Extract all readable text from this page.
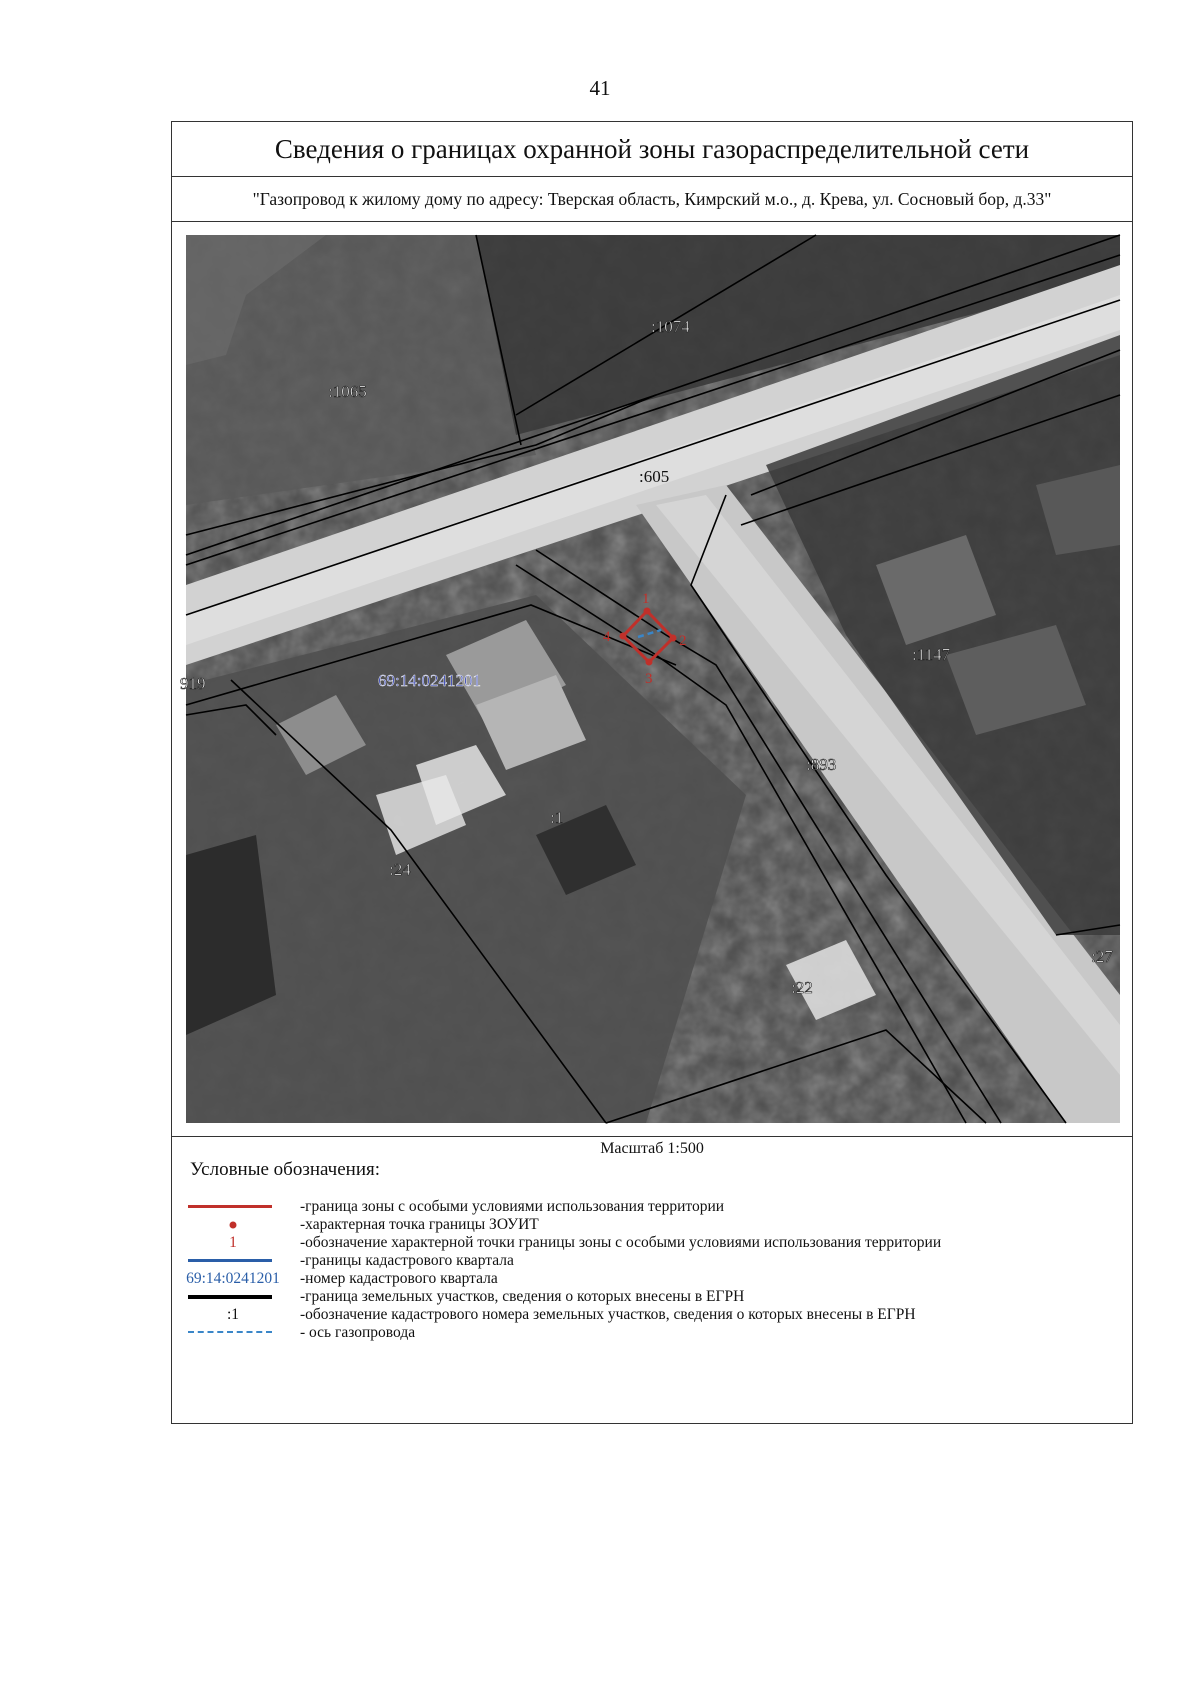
41
Сведения о границах охранной зоны газораспределительной сети
"Газопровод к жилому дому по адресу: Тверская область, Кимрский м.о., д. Крева, ул. Сосновый бор, д.33"
1
2
3
4
:1074
:1065
919
:1147
:893
:1
:24
:22
:27
:605
69:14:0241201
Масштаб 1:500
Условные обозначения:
-граница зоны с особыми условиями использования территории
-характерная точка границы ЗОУИТ
1	-обозначение характерной точки границы зоны с особыми условиями использования территории
-границы кадастрового квартала
69:14:0241201	-номер кадастрового квартала
-граница земельных участков, сведения о которых внесены в ЕГРН
:1	-обозначение кадастрового номера земельных участков, сведения о которых внесены в ЕГРН
- ось газопровода
